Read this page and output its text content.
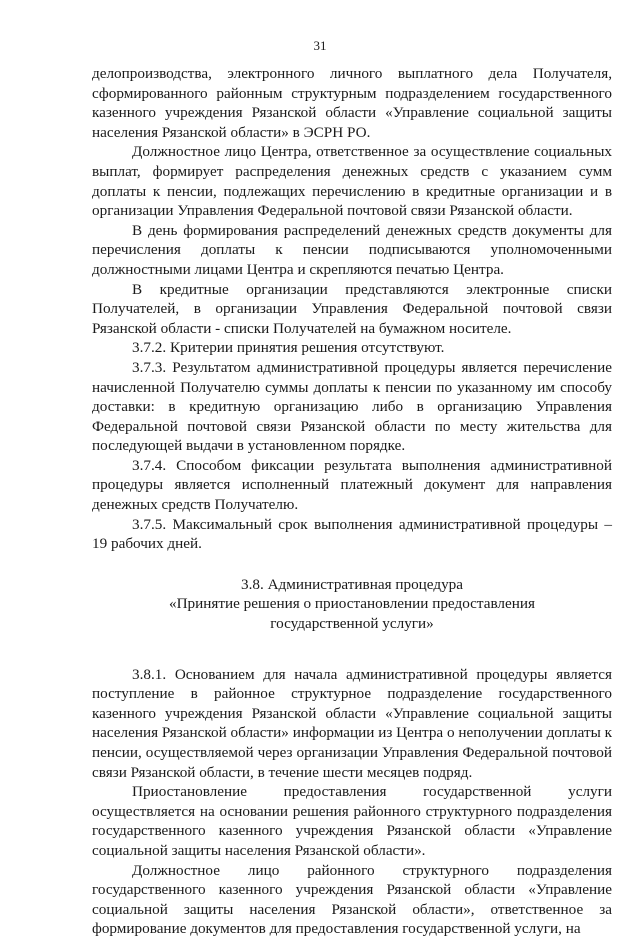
31

делопроизводства, электронного личного выплатного дела Получателя, сформированного районным структурным подразделением государственного казенного учреждения Рязанской области «Управление социальной защиты населения Рязанской области» в ЭСРН РО.

Должностное лицо Центра, ответственное за осуществление социальных выплат, формирует распределения денежных средств с указанием сумм доплаты к пенсии, подлежащих перечислению в кредитные организации и в организации Управления Федеральной почтовой связи Рязанской области.

В день формирования распределений денежных средств документы для перечисления доплаты к пенсии подписываются уполномоченными должностными лицами Центра и скрепляются печатью Центра.

В кредитные организации представляются электронные списки Получателей, в организации Управления Федеральной почтовой связи Рязанской области - списки Получателей на бумажном носителе.

3.7.2. Критерии принятия решения отсутствуют.

3.7.3. Результатом административной процедуры является перечисление начисленной Получателю суммы доплаты к пенсии по указанному им способу доставки: в кредитную организацию либо в организацию Управления Федеральной почтовой связи Рязанской области по месту жительства для последующей выдачи в установленном порядке.

3.7.4. Способом фиксации результата выполнения административной процедуры является исполненный платежный документ для направления денежных средств Получателю.

3.7.5. Максимальный срок выполнения административной процедуры – 19 рабочих дней.

3.8. Административная процедура
«Принятие решения о приостановлении предоставления
государственной услуги»

3.8.1. Основанием для начала административной процедуры является поступление в районное структурное подразделение государственного казенного учреждения Рязанской области «Управление социальной защиты населения Рязанской области» информации из Центра о неполучении доплаты к пенсии, осуществляемой через организации Управления Федеральной почтовой связи Рязанской области, в течение шести месяцев подряд.

Приостановление предоставления государственной услуги осуществляется на основании решения районного структурного подразделения государственного казенного учреждения Рязанской области «Управление социальной защиты населения Рязанской области».

Должностное лицо районного структурного подразделения государственного казенного учреждения Рязанской области «Управление социальной защиты населения Рязанской области», ответственное за формирование документов для предоставления государственной услуги, на
